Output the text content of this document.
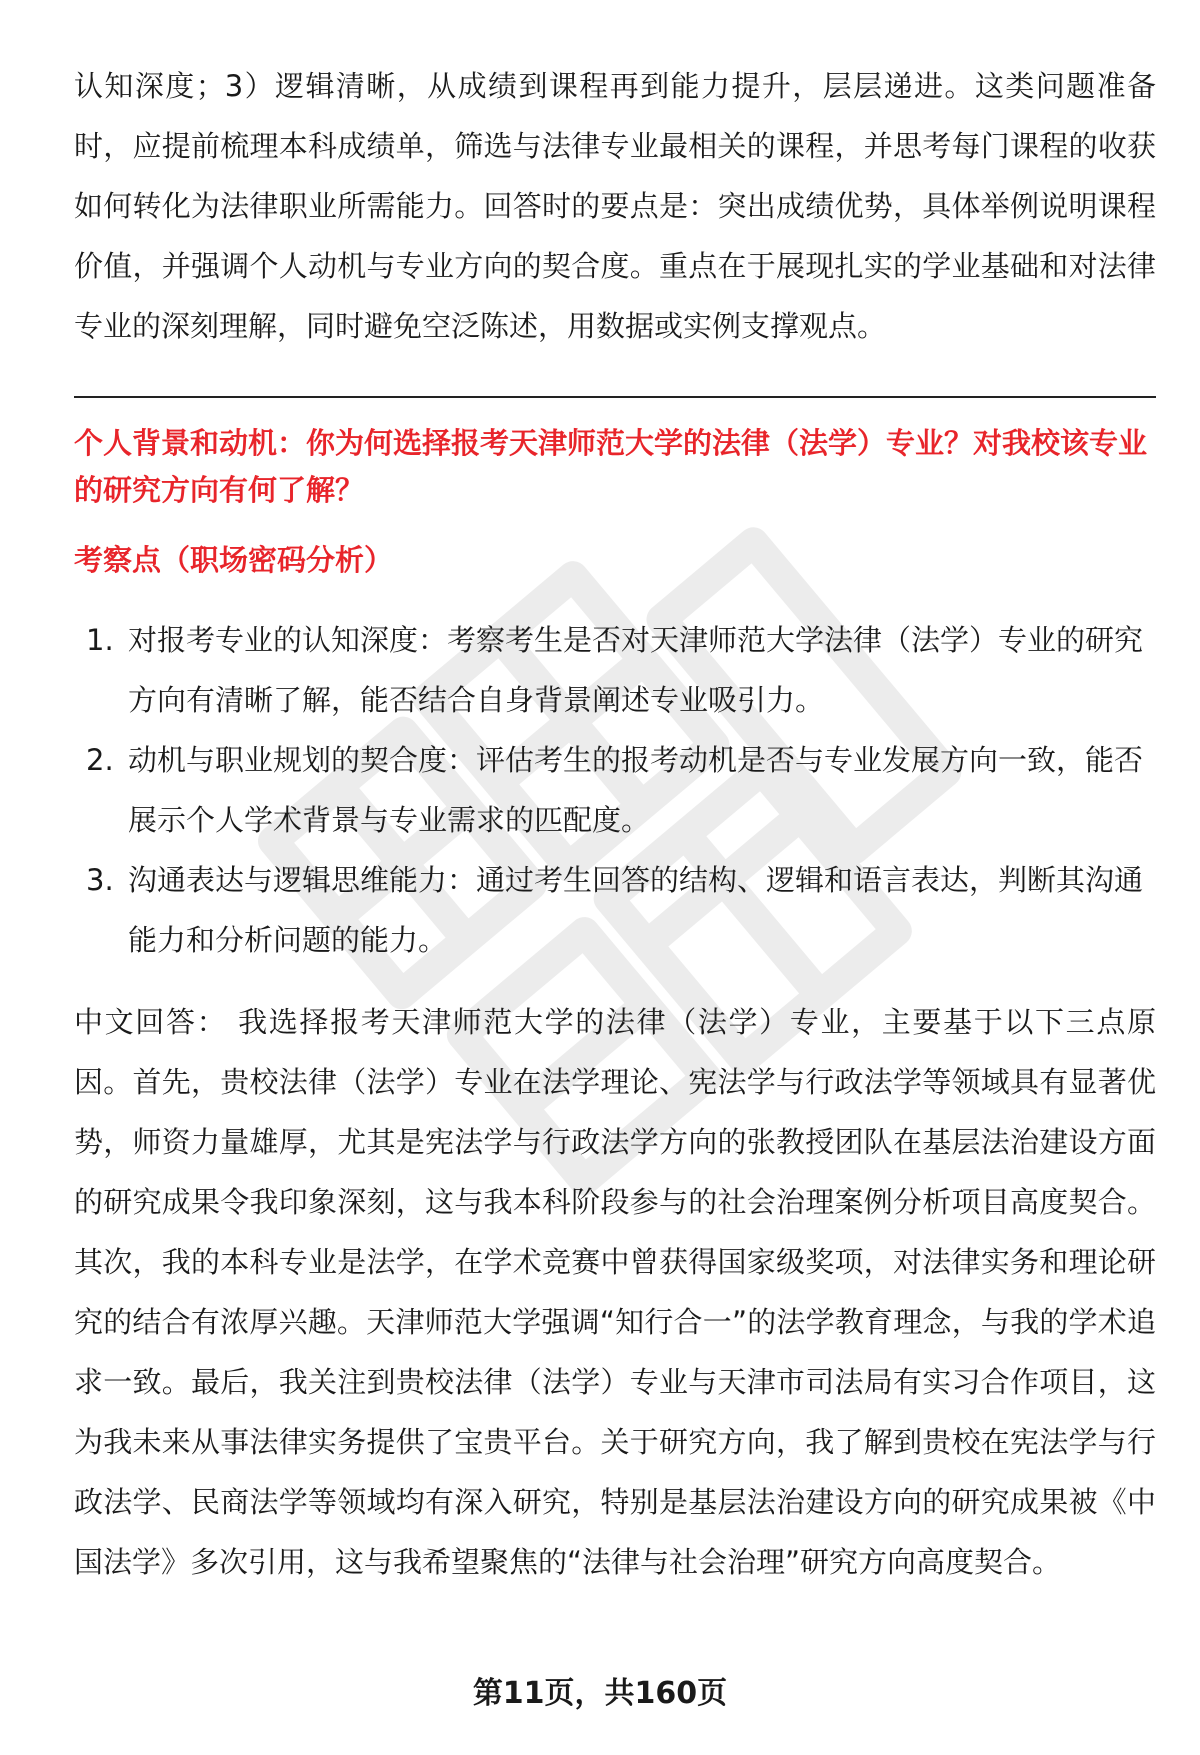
认知深度；3）逻辑清晰，从成绩到课程再到能力提升，层层递进。这类问题准备时，应提前梳理本科成绩单，筛选与法律专业最相关的课程，并思考每门课程的收获如何转化为法律职业所需能力。回答时的要点是：突出成绩优势，具体举例说明课程价值，并强调个人动机与专业方向的契合度。重点在于展现扎实的学业基础和对法律专业的深刻理解，同时避免空泛陈述，用数据或实例支撑观点。

个人背景和动机：你为何选择报考天津师范大学的法律（法学）专业？对我校该专业的研究方向有何了解？

考察点（职场密码分析）

1. 对报考专业的认知深度：考察考生是否对天津师范大学法律（法学）专业的研究方向有清晰了解，能否结合自身背景阐述专业吸引力。
2. 动机与职业规划的契合度：评估考生的报考动机是否与专业发展方向一致，能否展示个人学术背景与专业需求的匹配度。
3. 沟通表达与逻辑思维能力：通过考生回答的结构、逻辑和语言表达，判断其沟通能力和分析问题的能力。

中文回答： 我选择报考天津师范大学的法律（法学）专业，主要基于以下三点原因。首先，贵校法律（法学）专业在法学理论、宪法学与行政法学等领域具有显著优势，师资力量雄厚，尤其是宪法学与行政法学方向的张教授团队在基层法治建设方面的研究成果令我印象深刻，这与我本科阶段参与的社会治理案例分析项目高度契合。其次，我的本科专业是法学，在学术竞赛中曾获得国家级奖项，对法律实务和理论研究的结合有浓厚兴趣。天津师范大学强调“知行合一”的法学教育理念，与我的学术追求一致。最后，我关注到贵校法律（法学）专业与天津市司法局有实习合作项目，这为我未来从事法律实务提供了宝贵平台。关于研究方向，我了解到贵校在宪法学与行政法学、民商法学等领域均有深入研究，特别是基层法治建设方向的研究成果被《中国法学》多次引用，这与我希望聚焦的“法律与社会治理”研究方向高度契合。

第11页，共160页
